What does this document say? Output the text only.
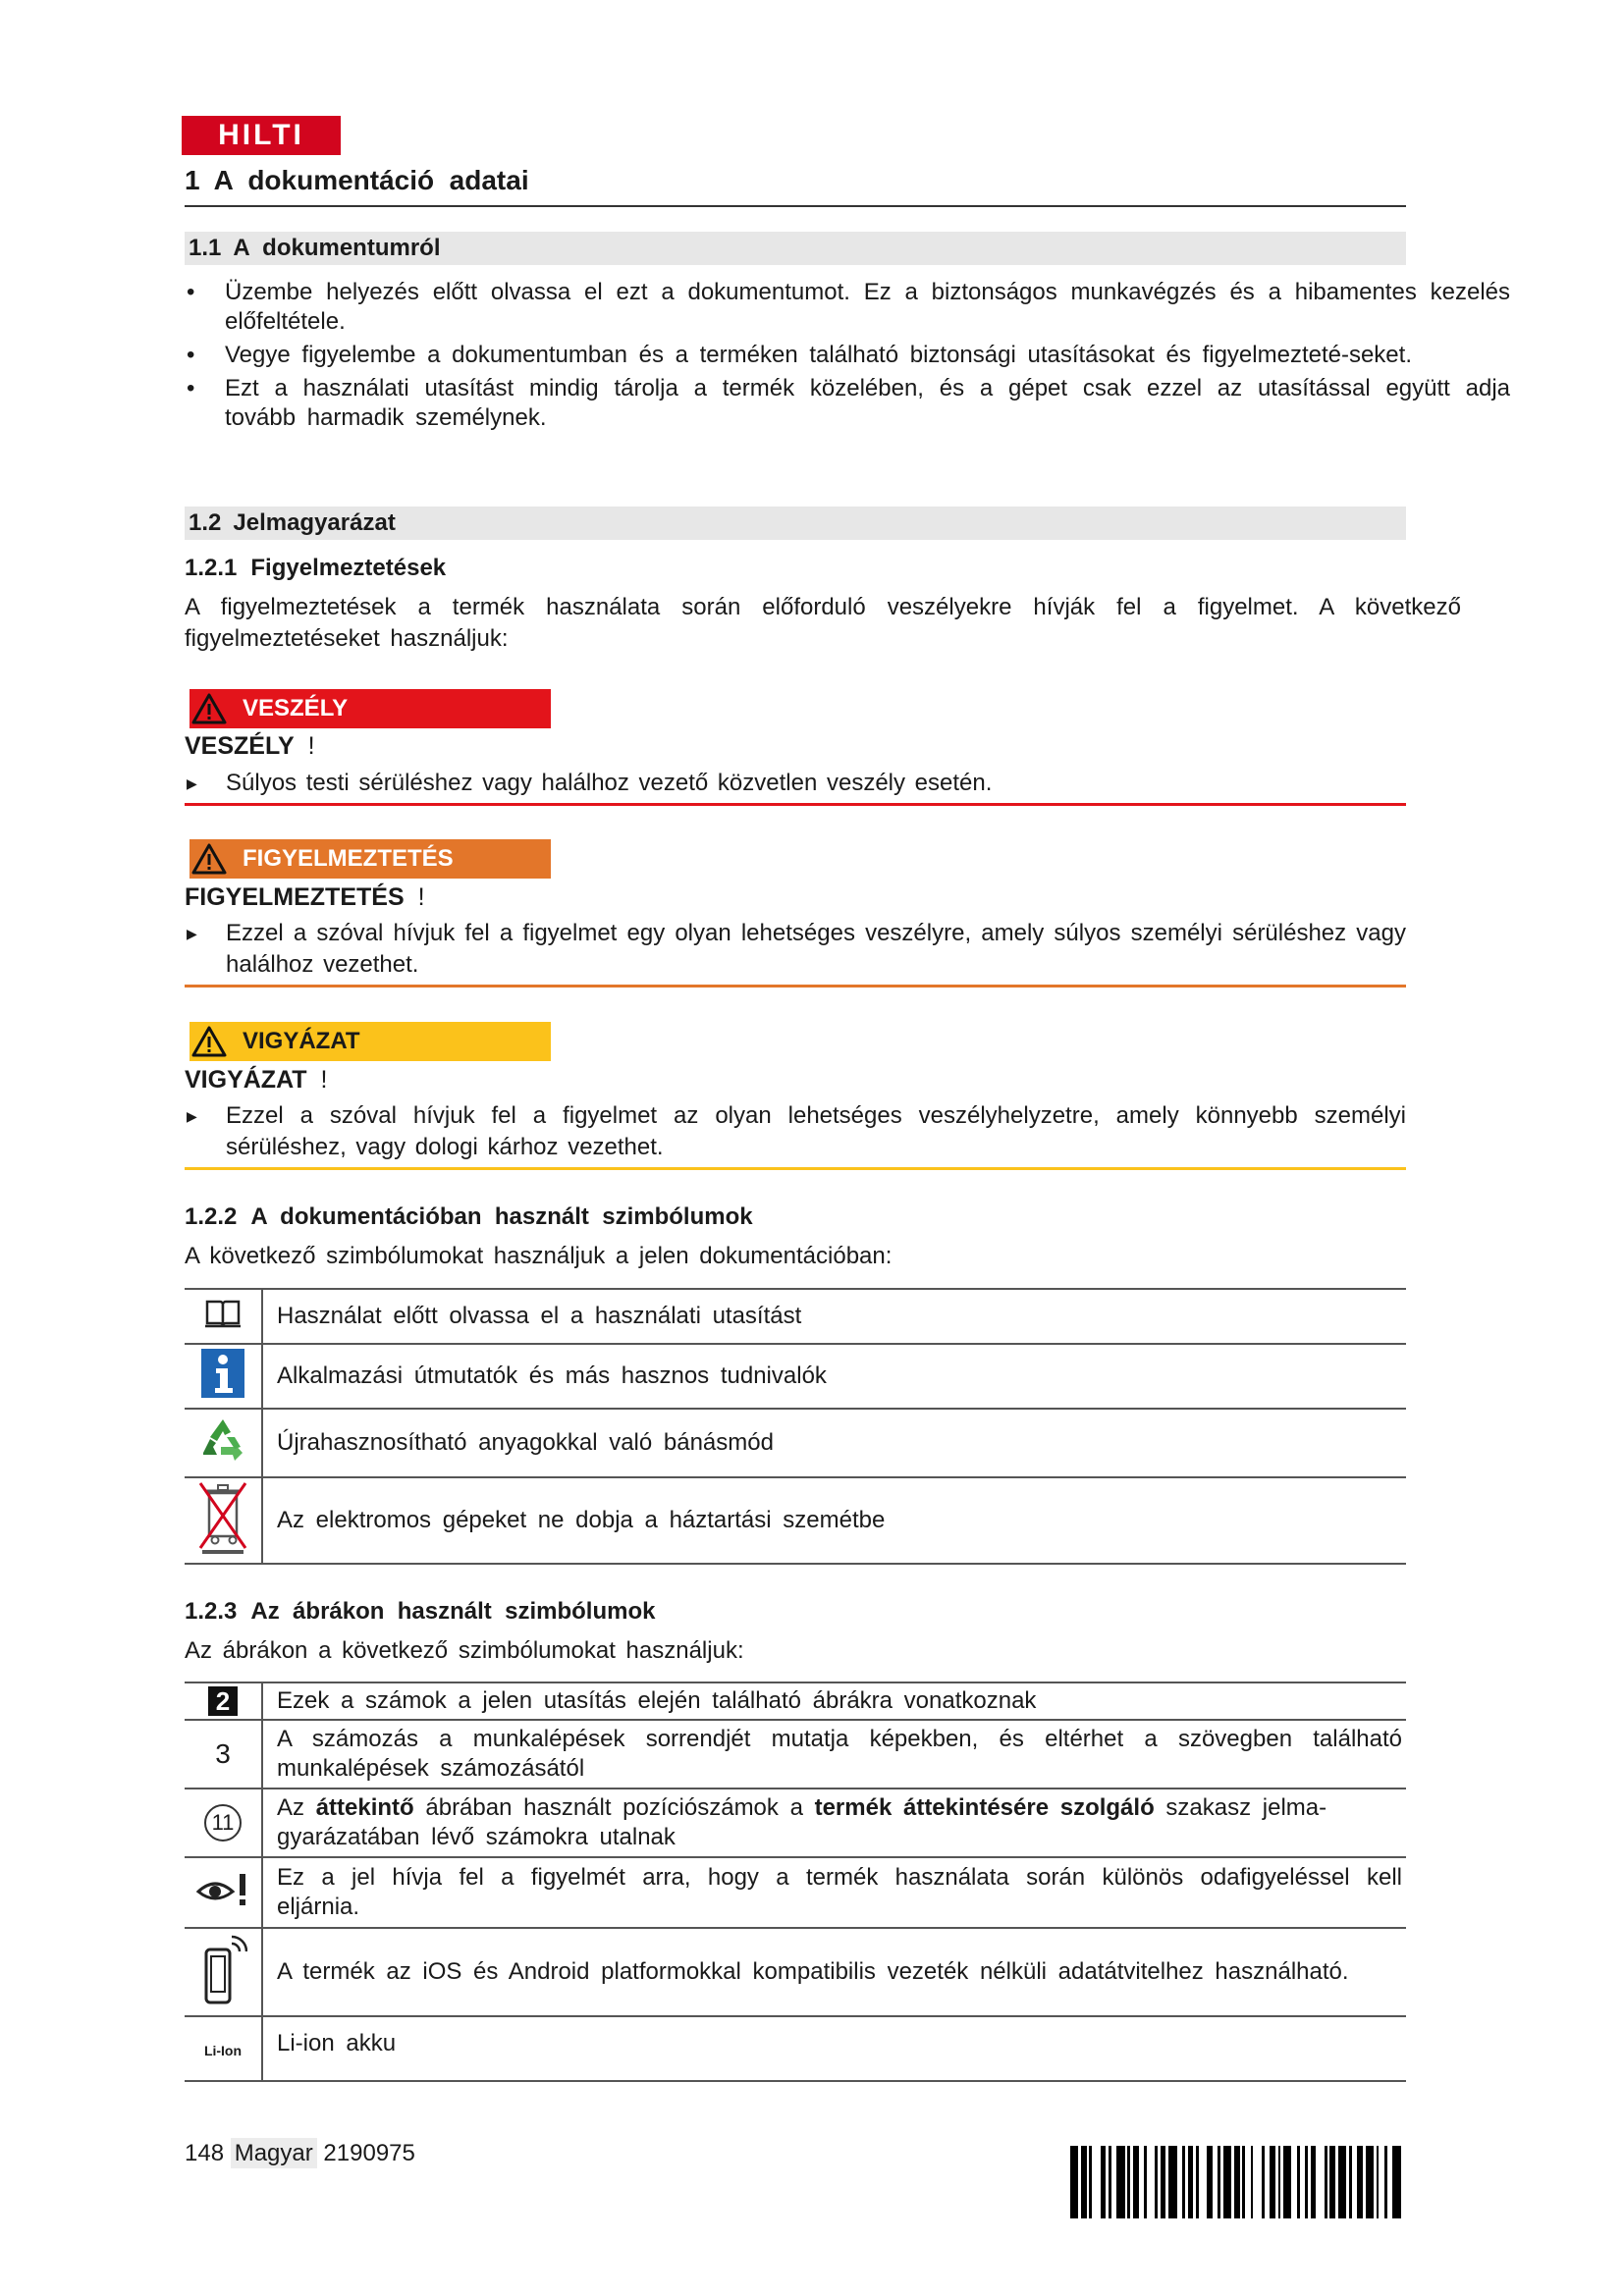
HILTI
1 A  dokumentáció  adatai
1.1 A  dokumentumról
• Üzembe helyezés előtt olvassa el ezt a dokumentumot. Ez a biztonságos munkavégzés és a hibamentes kezelés előfeltétele.
• Vegye figyelembe a dokumentumban és a terméken található biztonsági utasításokat és figyelmezteté-seket.
• Ezt a használati utasítást mindig tárolja a termék közelében, és a gépet csak ezzel az utasítással együtt adja tovább harmadik személynek.
1.2 Jelmagyarázat
1.2.1 Figyelmeztetések
A figyelmeztetések a termék használata során előforduló veszélyekre hívják fel a figyelmet. A következő figyelmeztetéseket használjuk:
VESZÉLY
VESZÉLY !
▶ Súlyos testi sérüléshez vagy halálhoz vezető közvetlen veszély esetén.
FIGYELMEZTETÉS
FIGYELMEZTETÉS !
▶ Ezzel a szóval hívjuk fel a figyelmet egy olyan lehetséges veszélyre, amely súlyos személyi sérüléshez vagy halálhoz vezethet.
VIGYÁZAT
VIGYÁZAT !
▶ Ezzel a szóval hívjuk fel a figyelmet az olyan lehetséges veszélyhelyzetre, amely könnyebb személyi sérüléshez, vagy dologi kárhoz vezethet.
1.2.2 A  dokumentációban  használt  szimbólumok
A következő szimbólumokat használjuk a jelen dokumentációban:
	Használat előtt olvassa el a használati utasítást
	Alkalmazási útmutatók és más hasznos tudnivalók
	Újrahasznosítható anyagokkal való bánásmód
	Az elektromos gépeket ne dobja a háztartási szemétbe
1.2.3 Az  ábrákon  használt  szimbólumok
Az ábrákon a következő szimbólumokat használjuk:
2	Ezek a számok a jelen utasítás elején található ábrákra vonatkoznak
3	A számozás a munkalépések sorrendjét mutatja képekben, és eltérhet a szövegben található munkalépések számozásától
11	Az áttekintő ábrában használt pozíciószámok a termék áttekintésére szolgáló szakasz jelma-gyarázatában lévő számokra utalnak
	Ez a jel hívja fel a figyelmét arra, hogy a termék használata során különös odafigyeléssel kell eljárnia.
	A termék az iOS és Android platformokkal kompatibilis vezeték nélküli adatátvitelhez használható.
Li-Ion	Li-ion akku
148 Magyar 2190975
